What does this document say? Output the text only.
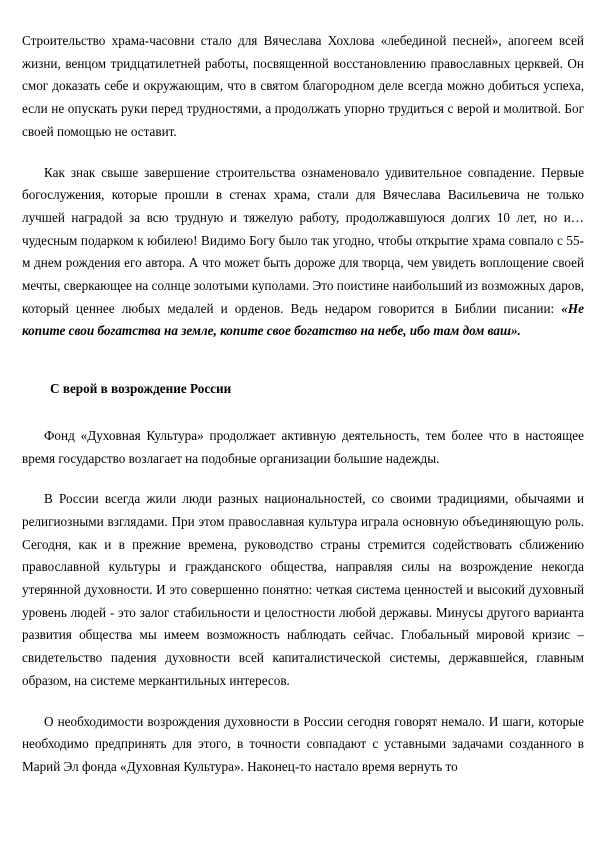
Строительство храма-часовни стало для Вячеслава Хохлова «лебединой песней», апогеем всей жизни, венцом тридцатилетней работы, посвященной восстановлению православных церквей. Он смог доказать себе и окружающим, что в святом благородном деле всегда можно добиться успеха, если не опускать руки перед трудностями, а продолжать упорно трудиться с верой и молитвой. Бог своей помощью не оставит.

Как знак свыше завершение строительства ознаменовало удивительное совпадение. Первые богослужения, которые прошли в стенах храма, стали для Вячеслава Васильевича не только лучшей наградой за всю трудную и тяжелую работу, продолжавшуюся долгих 10 лет, но и…чудесным подарком к юбилею! Видимо Богу было так угодно, чтобы открытие храма совпало с 55-м днем рождения его автора. А что может быть дороже для творца, чем увидеть воплощение своей мечты, сверкающее на солнце золотыми куполами. Это поистине наибольший из возможных даров, который ценнее любых медалей и орденов. Ведь недаром говорится в Библии писании: «Не копите свои богатства на земле, копите свое богатство на небе, ибо там дом ваш».

С верой в возрождение России

Фонд «Духовная Культура» продолжает активную деятельность, тем более что в настоящее время государство возлагает на подобные организации большие надежды.

В России всегда жили люди разных национальностей, со своими традициями, обычаями и религиозными взглядами. При этом православная культура играла основную объединяющую роль. Сегодня, как и в прежние времена, руководство страны стремится содействовать сближению православной культуры и гражданского общества, направляя силы на возрождение некогда утерянной духовности. И это совершенно понятно: четкая система ценностей и высокий духовный уровень людей - это залог стабильности и целостности любой державы. Минусы другого варианта развития общества мы имеем возможность наблюдать сейчас. Глобальный мировой кризис – свидетельство падения духовности всей капиталистической системы, державшейся, главным образом, на системе меркантильных интересов.

О необходимости возрождения духовности в России сегодня говорят немало. И шаги, которые необходимо предпринять для этого, в точности совпадают с уставными задачами созданного в Марий Эл фонда «Духовная Культура». Наконец-то настало время вернуть то
